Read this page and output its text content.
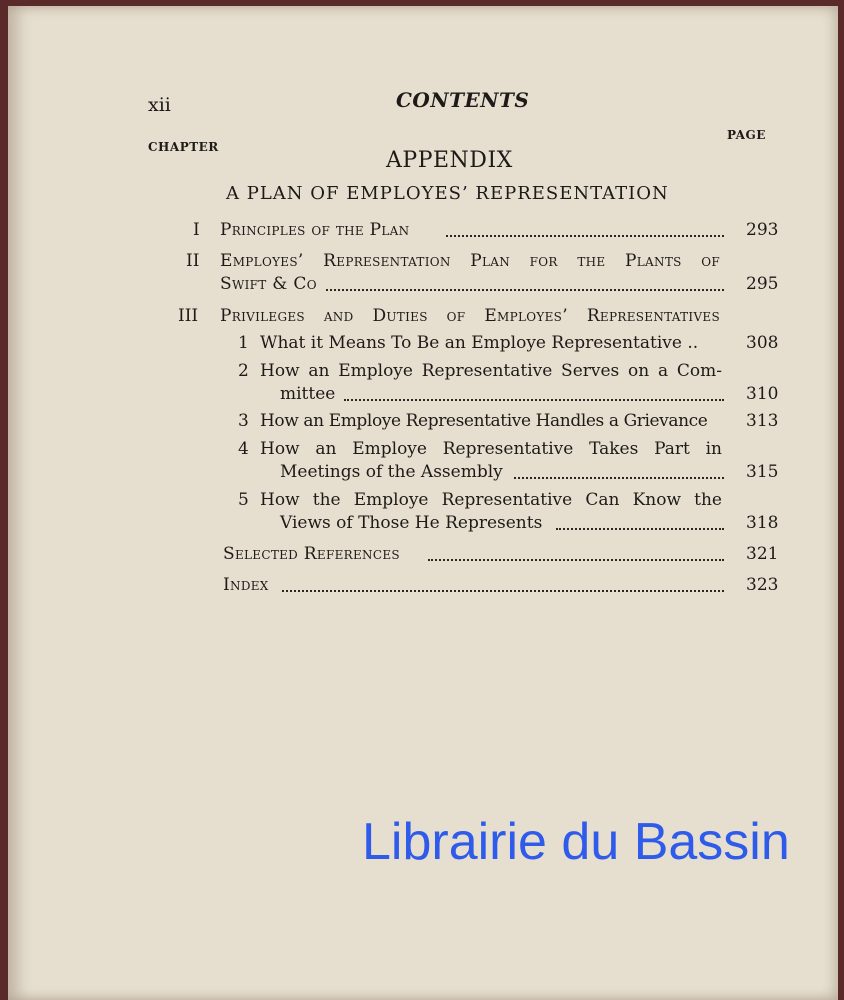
xii	CONTENTS
CHAPTER
PAGE
APPENDIX
A PLAN OF EMPLOYES’ REPRESENTATION
I Principles of the Plan	293
II Employes’ Representation Plan for the Plants of
Swift & Co	295
III Privileges and Duties of Employes’ Representatives
1 What it Means To Be an Employe Representative ..	308
2 How an Employe Representative Serves on a Com-
mittee	310
3 How an Employe Representative Handles a Grievance 313
4 How an Employe Representative Takes Part in
Meetings of the Assembly	315
5 How the Employe Representative Can Know the
Views of Those He Represents	318
Selected References	321
Index	323
Librairie du Bassin
